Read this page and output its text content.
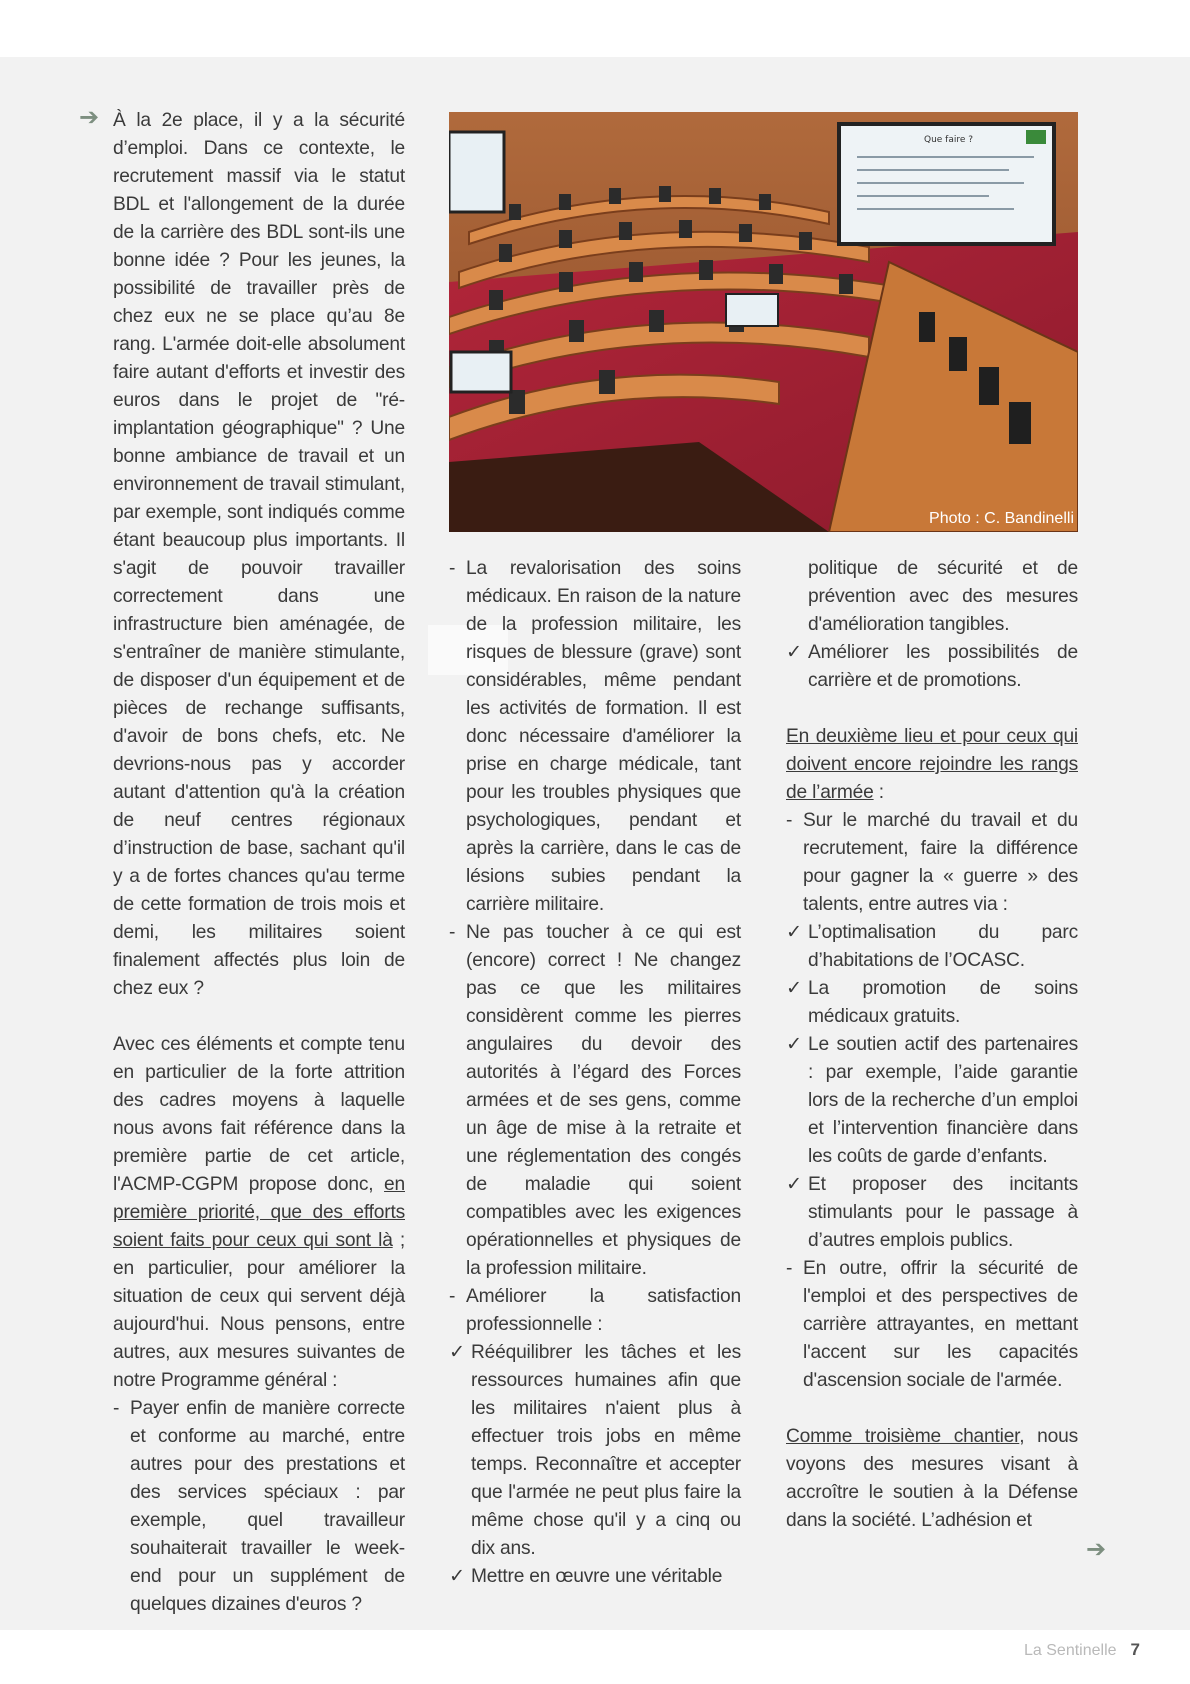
➔ À la 2e place, il y a la sécurité d’emploi. Dans ce contexte, le recrutement massif via le statut BDL et l'allongement de la durée de la carrière des BDL sont-ils une bonne idée ? Pour les jeunes, la possibilité de travailler près de chez eux ne se place qu’au 8e rang. L'armée doit-elle absolument faire autant d'efforts et investir des euros dans le projet de "ré-implantation géographique" ? Une bonne ambiance de travail et un environnement de travail stimulant, par exemple, sont indiqués comme étant beaucoup plus importants. Il s'agit de pouvoir travailler correctement dans une infrastructure bien aménagée, de s'entraîner de manière stimulante, de disposer d'un équipement et de pièces de rechange suffisants, d'avoir de bons chefs, etc. Ne devrions-nous pas y accorder autant d'attention qu'à la création de neuf centres régionaux d’instruction de base, sachant qu'il y a de fortes chances qu'au terme de cette formation de trois mois et demi, les militaires soient finalement affectés plus loin de chez eux ?

Avec ces éléments et compte tenu en particulier de la forte attrition des cadres moyens à laquelle nous avons fait référence dans la première partie de cet article, l'ACMP-CGPM propose donc, en première priorité, que des efforts soient faits pour ceux qui sont là ; en particulier, pour améliorer la situation de ceux qui servent déjà aujourd'hui. Nous pensons, entre autres, aux mesures suivantes de notre Programme général :

- Payer enfin de manière correcte et conforme au marché, entre autres pour des prestations et des services spéciaux : par exemple, quel travailleur souhaiterait travailler le week-end pour un supplément de quelques dizaines d'euros ?

Que faire ?
Photo : C. Bandinelli

- La revalorisation des soins médicaux. En raison de la nature de la profession militaire, les risques de blessure (grave) sont considérables, même pendant les activités de formation. Il est donc nécessaire d'améliorer la prise en charge médicale, tant pour les troubles physiques que psychologiques, pendant et après la carrière, dans le cas de lésions subies pendant la carrière militaire.

- Ne pas toucher à ce qui est (encore) correct ! Ne changez pas ce que les militaires considèrent comme les pierres angulaires du devoir des autorités à l’égard des Forces armées et de ses gens, comme un âge de mise à la retraite et une réglementation des congés de maladie qui soient compatibles avec les exigences opérationnelles et physiques de la profession militaire.

- Améliorer la satisfaction professionnelle :

✓ Rééquilibrer les tâches et les ressources humaines afin que les militaires n'aient plus à effectuer trois jobs en même temps. Reconnaître et accepter que l'armée ne peut plus faire la même chose qu'il y a cinq ou dix ans.

✓ Mettre en œuvre une véritable

politique de sécurité et de prévention avec des mesures d'amélioration tangibles.

✓ Améliorer les possibilités de carrière et de promotions.

En deuxième lieu et pour ceux qui doivent encore rejoindre les rangs de l’armée :

- Sur le marché du travail et du recrutement, faire la différence pour gagner la « guerre » des talents, entre autres via :

✓ L’optimalisation du parc d’habitations de l’OCASC.

✓ La promotion de soins médicaux gratuits.

✓ Le soutien actif des partenaires : par exemple, l’aide garantie lors de la recherche d’un emploi et l’intervention financière dans les coûts de garde d’enfants.

✓ Et proposer des incitants stimulants pour le passage à d’autres emplois publics.

- En outre, offrir la sécurité de l'emploi et des perspectives de carrière attrayantes, en mettant l'accent sur les capacités d'ascension sociale de l'armée.

Comme troisième chantier, nous voyons des mesures visant à accroître le soutien à la Défense dans la société. L’adhésion et

➔
La Sentinelle 7
